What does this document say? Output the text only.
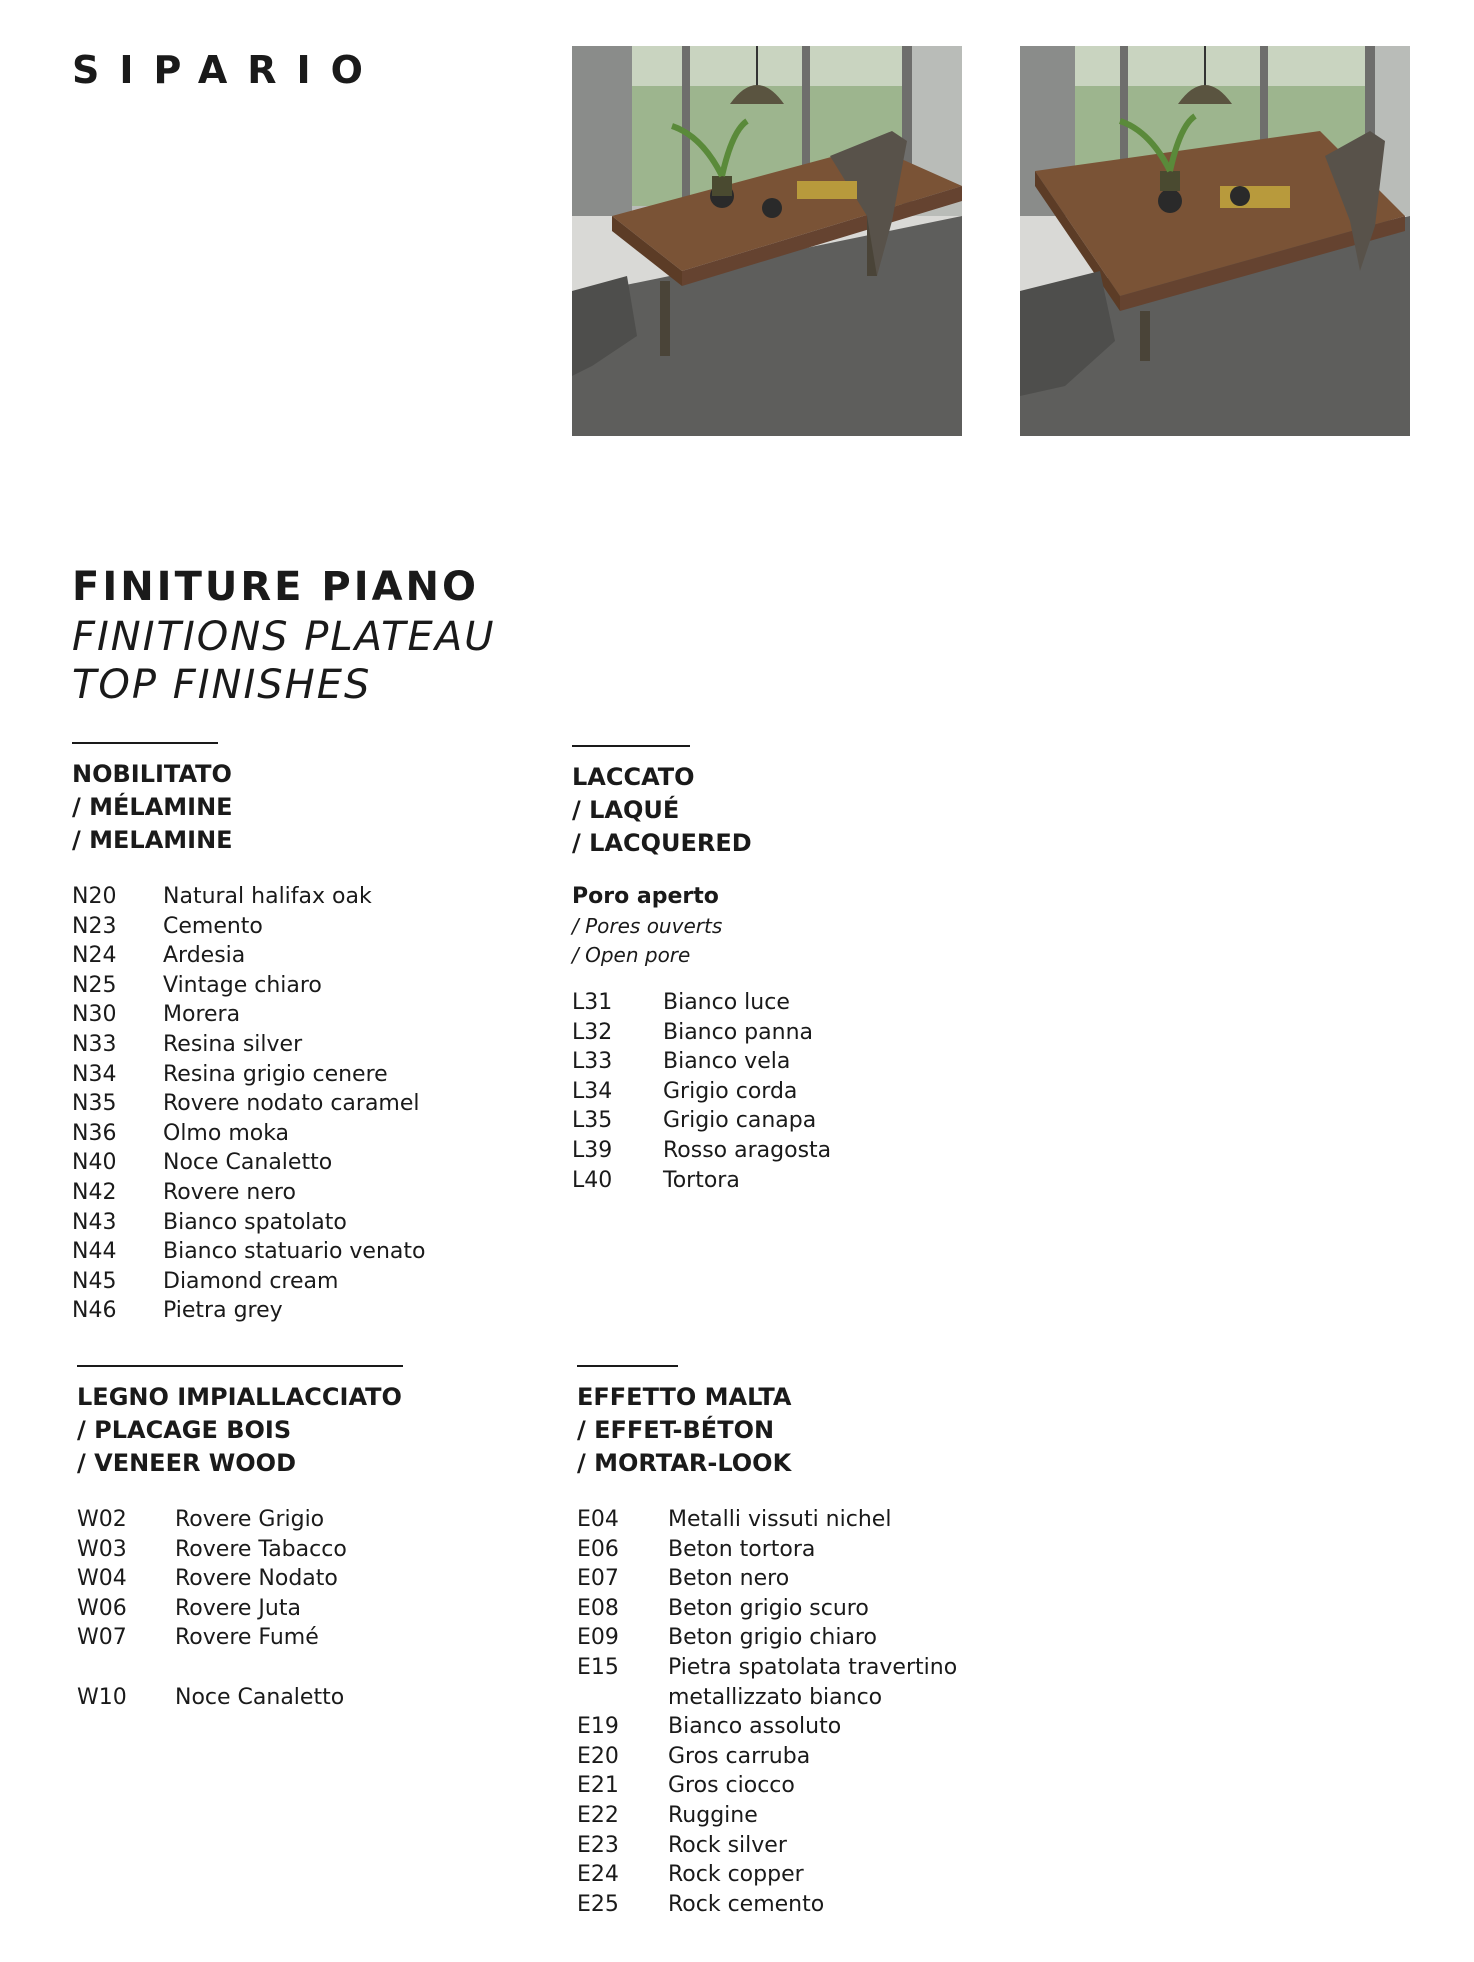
SIPARIO
FINITURE PIANO
FINITIONS PLATEAU
TOP FINISHES
NOBILITATO
/ MÉLAMINE
/ MELAMINE
N20	Natural halifax oak
N23	Cemento
N24	Ardesia
N25	Vintage chiaro
N30	Morera
N33	Resina silver
N34	Resina grigio cenere
N35	Rovere nodato caramel
N36	Olmo moka
N40	Noce Canaletto
N42	Rovere nero
N43	Bianco spatolato
N44	Bianco statuario venato
N45	Diamond cream
N46	Pietra grey
LACCATO
/ LAQUÉ
/ LACQUERED
Poro aperto
/ Pores ouverts
/ Open pore
L31	Bianco luce
L32	Bianco panna
L33	Bianco vela
L34	Grigio corda
L35	Grigio canapa
L39	Rosso aragosta
L40	Tortora
LEGNO IMPIALLACCIATO
/ PLACAGE BOIS
/ VENEER WOOD
W02	Rovere Grigio
W03	Rovere Tabacco
W04	Rovere Nodato
W06	Rovere Juta
W07	Rovere Fumé
W10	Noce Canaletto
EFFETTO MALTA
/ EFFET-BÉTON
/ MORTAR-LOOK
E04	Metalli vissuti nichel
E06	Beton tortora
E07	Beton nero
E08	Beton grigio scuro
E09	Beton grigio chiaro
E15	Pietra spatolata travertino
metallizzato bianco
E19	Bianco assoluto
E20	Gros carruba
E21	Gros ciocco
E22	Ruggine
E23	Rock silver
E24	Rock copper
E25	Rock cemento
